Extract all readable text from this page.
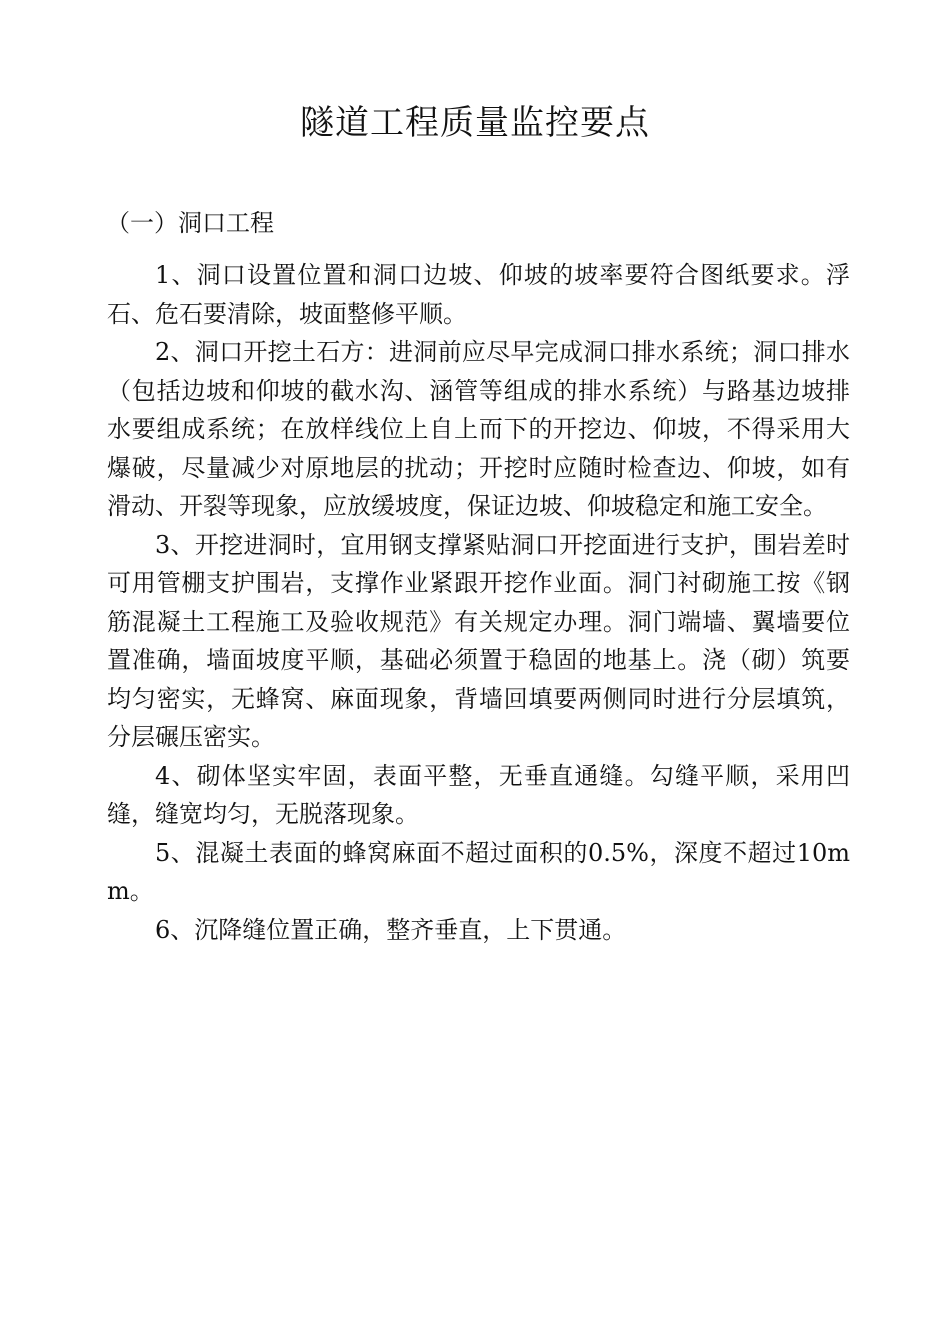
隧道工程质量监控要点
（一）洞口工程

1、洞口设置位置和洞口边坡、仰坡的坡率要符合图纸要求。浮石、危石要清除，坡面整修平顺。

2、洞口开挖土石方：进洞前应尽早完成洞口排水系统；洞口排水（包括边坡和仰坡的截水沟、涵管等组成的排水系统）与路基边坡排水要组成系统；在放样线位上自上而下的开挖边、仰坡，不得采用大爆破，尽量减少对原地层的扰动；开挖时应随时检查边、仰坡，如有滑动、开裂等现象，应放缓坡度，保证边坡、仰坡稳定和施工安全。

3、开挖进洞时，宜用钢支撑紧贴洞口开挖面进行支护，围岩差时可用管棚支护围岩，支撑作业紧跟开挖作业面。洞门衬砌施工按《钢筋混凝土工程施工及验收规范》有关规定办理。洞门端墙、翼墙要位置准确，墙面坡度平顺，基础必须置于稳固的地基上。浇（砌）筑要均匀密实，无蜂窝、麻面现象，背墙回填要两侧同时进行分层填筑，分层碾压密实。

4、砌体坚实牢固，表面平整，无垂直通缝。勾缝平顺，采用凹缝，缝宽均匀，无脱落现象。

5、混凝土表面的蜂窝麻面不超过面积的0.5%，深度不超过10mm。

6、沉降缝位置正确，整齐垂直，上下贯通。
